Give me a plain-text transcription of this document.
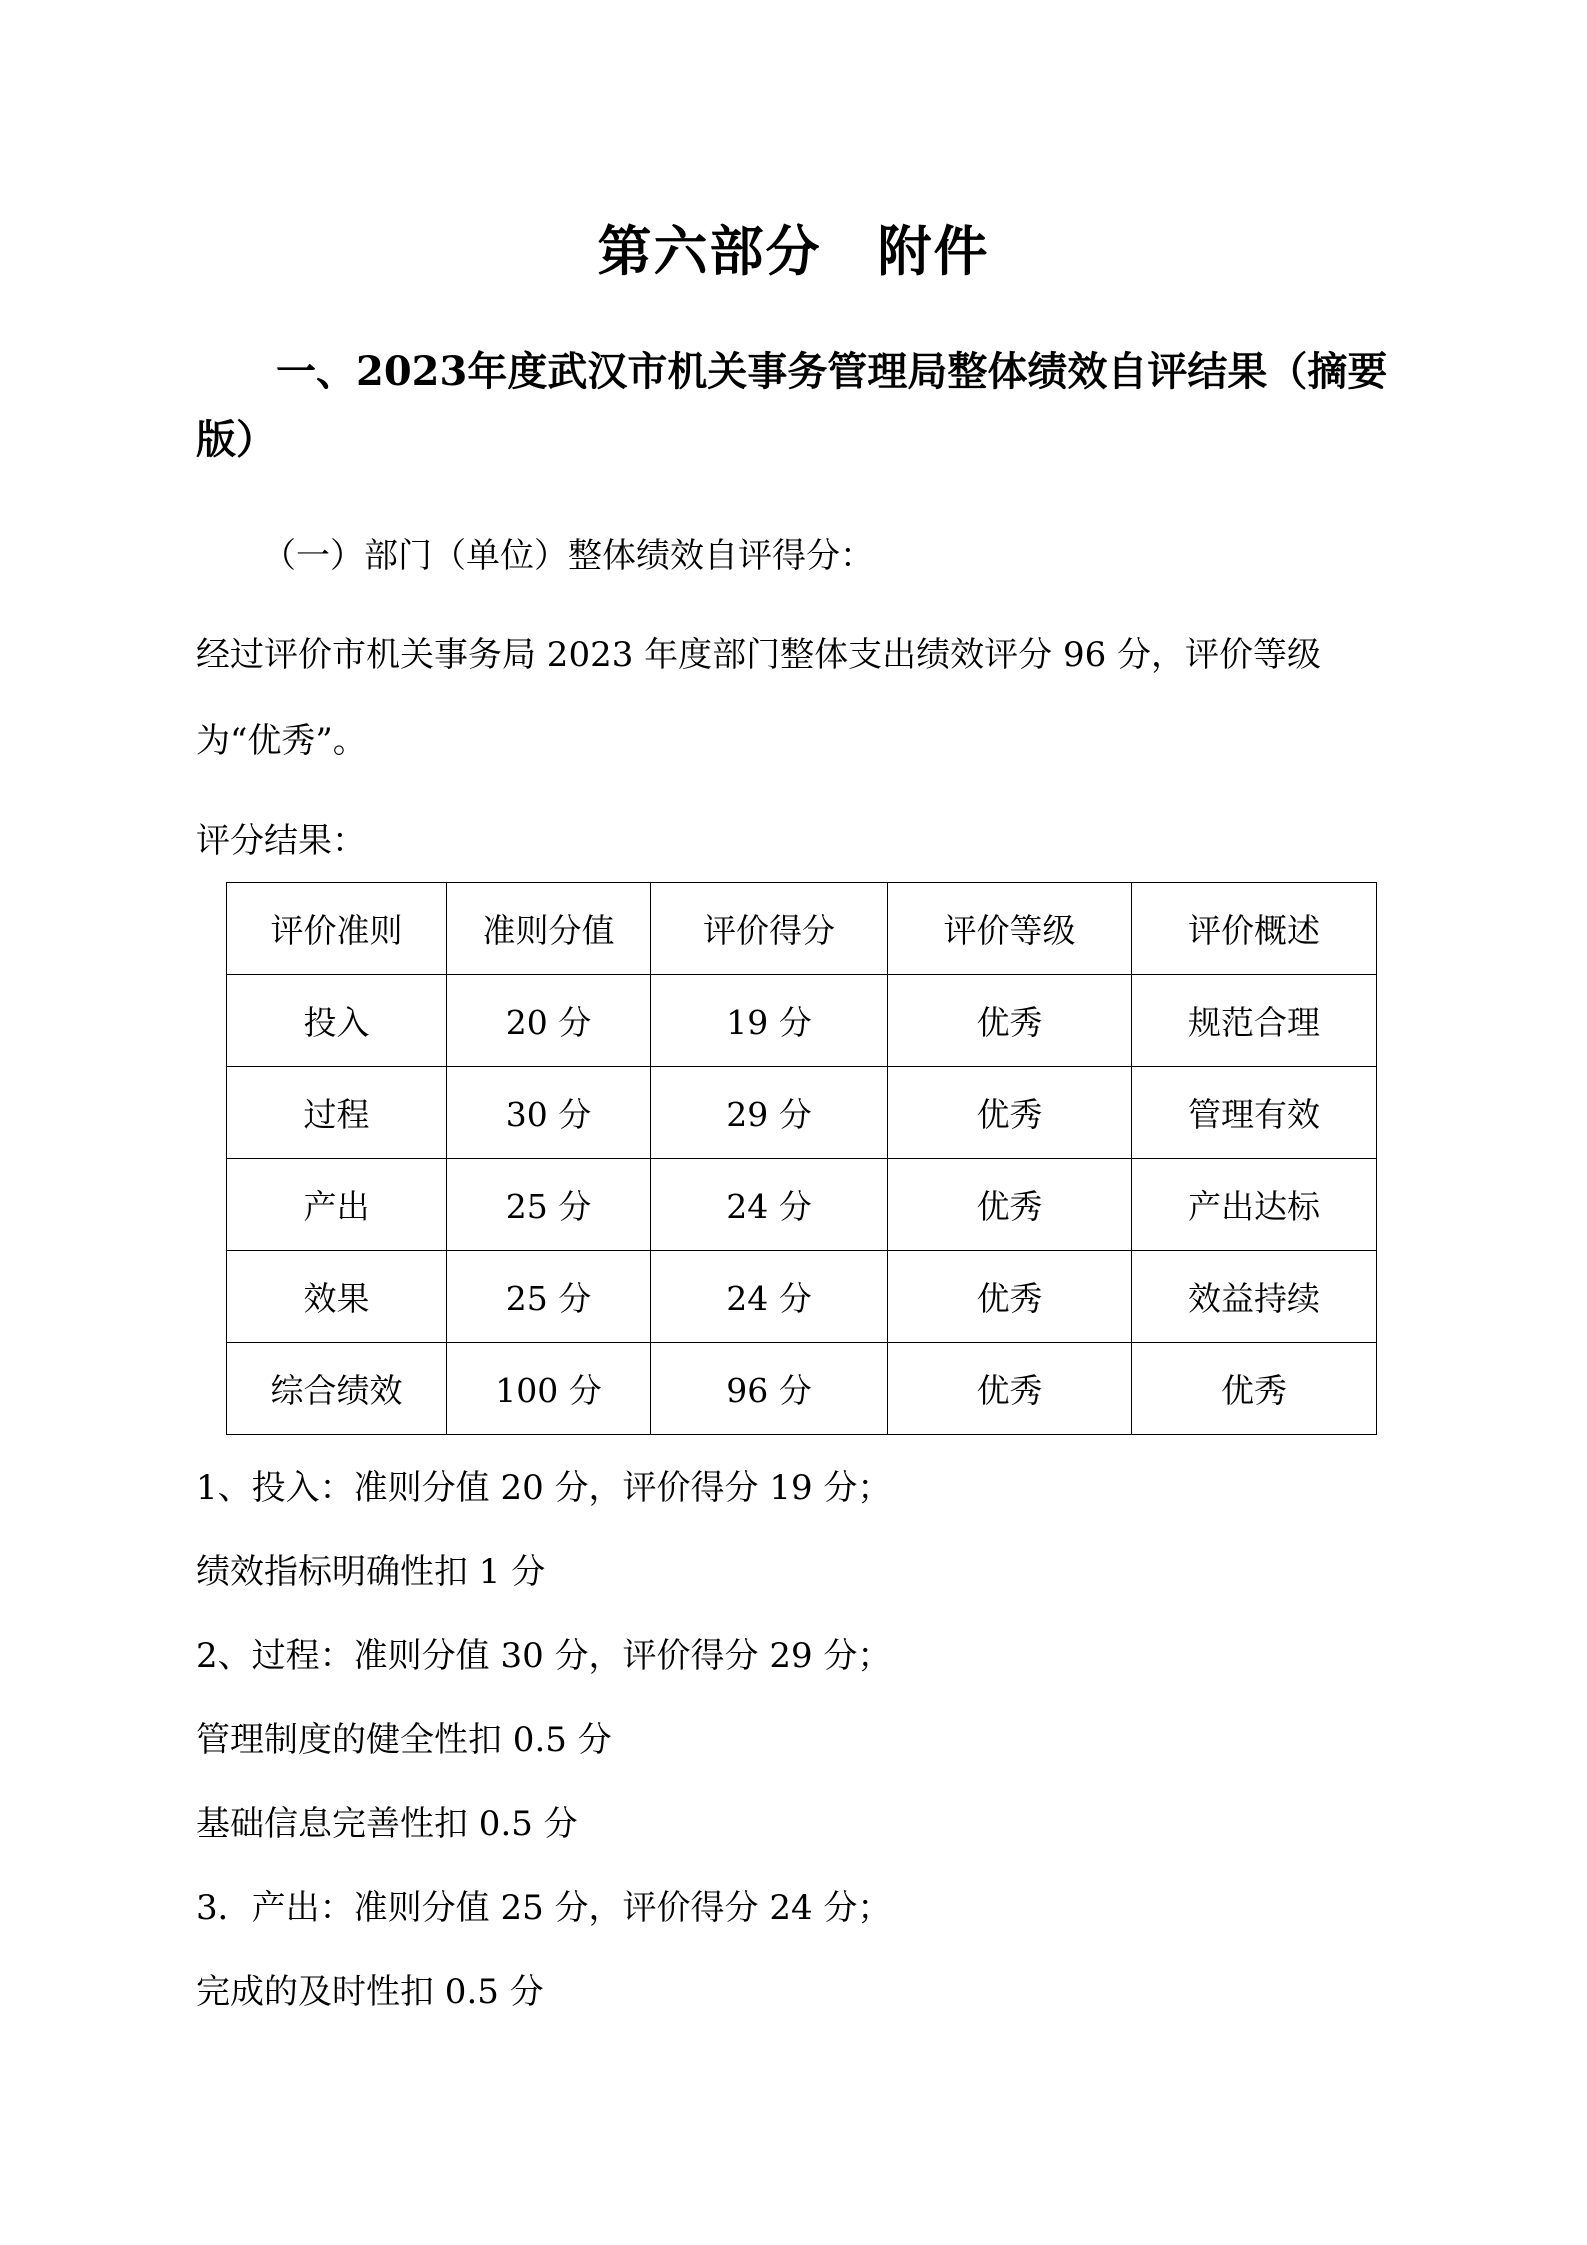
第六部分　附件
一、2023年度武汉市机关事务管理局整体绩效自评结果（摘要版）
（一）部门（单位）整体绩效自评得分：
经过评价市机关事务局 2023 年度部门整体支出绩效评分 96 分，评价等级为“优秀”。
评分结果：
评价准则	准则分值	评价得分	评价等级	评价概述
投入	20 分	19 分	优秀	规范合理
过程	30 分	29 分	优秀	管理有效
产出	25 分	24 分	优秀	产出达标
效果	25 分	24 分	优秀	效益持续
综合绩效	100 分	96 分	优秀	优秀
1、投入：准则分值 20 分，评价得分 19 分；
绩效指标明确性扣 1 分
2、过程：准则分值 30 分，评价得分 29 分；
管理制度的健全性扣 0.5 分
基础信息完善性扣 0.5 分
3．产出：准则分值 25 分，评价得分 24 分；
完成的及时性扣 0.5 分
